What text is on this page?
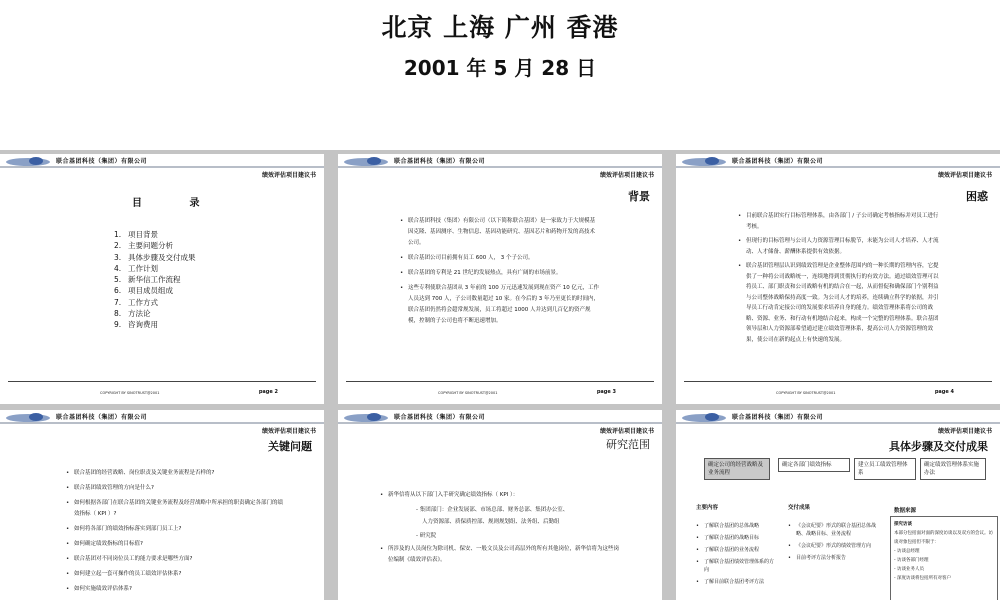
北京 上海 广州 香港
2001 年 5 月 28 日
联合基团科技（集团）有限公司
绩效评估项目建议书
目 录
1. 项目背景
2. 主要问题分析
3. 具体步骤及交付成果
4. 工作计划
5. 新华信工作流程
6. 项目成员组成
7. 工作方式
8. 方法论
9. 咨询费用
COPYRIGHT BY SINOTRUST@2001	page 2
联合基团科技（集团）有限公司
绩效评估项目建议书
背景
• 联合基团科技（集团）有限公司（以下简称联合基团）是一家致力于大规模基因克隆、基因测序、生物信息、基因功能研究、基因芯片和药物开发的高技术公司。
• 联合基团公司目前拥有员工 600 人， 3 个子公司。
• 联合基团的专利是 21 世纪的发展热点，具有广阔的市场前景。
• 这些专利使联合基团从 3 年前的 100 万元迅速发展到现在资产 10 亿元，工作人员达到 700 人，子公司数量超过 10 家。在今后的 3 年乃至更长的时间内，联合基团仍然将会超常规发展，员工将超过 1000 人并达到几百亿的资产规模，控制的子公司也将不断迅速增加。
COPYRIGHT BY SINOTRUST@2001	page 3
联合基团科技（集团）有限公司
绩效评估项目建议书
困惑
• 目前联合基团实行目标管理体系，由各部门 / 子公司确定考核指标并对员工进行考核。
• 但现行的目标管理与公司人力资源管理目标脱节，未能为公司人才培养、人才流动、人才储备、薪酬体系提供有效依据。
• 联合基团管理层认识到绩效管理是企业整体范围内的一种长期的管理内容，它提供了一种将公司战略统一，连续地得到贯彻执行的有效方法。通过绩效管理可以将员工、部门职责和公司战略有机的结合在一起，从而督促和确保部门个别利益与公司整体战略保持高度一致。为公司人才的培养，连续确立科学的依据，并引导员工行动肯定接公司的发展要求培养自身的能力。绩效管理体系将公司的战略、资源、业务、和行动有机地结合起来，构成一个完整的管理体系。联合基团领导层和人力资源部希望通过建立绩效管理体系，提高公司人力资源管理的效果，使公司在新的起点上有快速的发展。
COPYRIGHT BY SINOTRUST@2001	page 4
联合基团科技（集团）有限公司
绩效评估项目建议书
关键问题
• 联合基团的经营战略、岗位职责及关键业务流程是否样的?
• 联合基团绩效管理的方向是什么?
• 如何根据各部门在联合基团的关键业务流程及经营战略中所承担的职责确定各部门的绩效指标（ KPI ）?
• 如何将各部门的绩效指标落实到部门员工上?
• 如何确定绩效指标的目标值?
• 联合基团对不同岗位员工的能力要求是哪些方面?
• 如何建立起一套可操作的员工绩效评估体系?
• 如何实施绩效评估体系?
联合基团科技（集团）有限公司
绩效评估项目建议书
研究范围
• 新华信将从以下部门入手研究确定绩效指标（ KPI ）：
- 集团部门：企业发展部、市场总部、财务总部、集团办公室、
人力资源部、质保质控部、规则规划组、法务组、后勤组
- 研究院
• 所涉及的人员岗位为除司机、保安、一般文员及公司高层外的所有其他岗位，新华信将为这些岗位编制《绩效评估表》。
联合基团科技（集团）有限公司
绩效评估项目建议书
具体步骤及交付成果
确定公司的经营战略及业务流程
确定各部门绩效指标	建立员工绩效管理体系
确定绩效管理体系实施办法
主要内容	交付成果	数据来源
• 了解联合基团的总体战略
• 了解联合基团的战略目标
• 了解联合基团的业务流程
• 了解联合基团绩效管理体系的方向
• 了解目前联合基团考评方法
• 《会议纪要》形式的联合基团总体战略、战略目标、业务流程
• 《会议纪要》形式的绩效管理方向
• 目前考评方法分析报告
探究访谈
本部分包括面对面的深度访谈以及双方的会议。访谈对象包括但不限于：
- 访谈总经理
- 访谈各部门经理
- 访谈业务人员
- 深度访谈将包括所有对客户
